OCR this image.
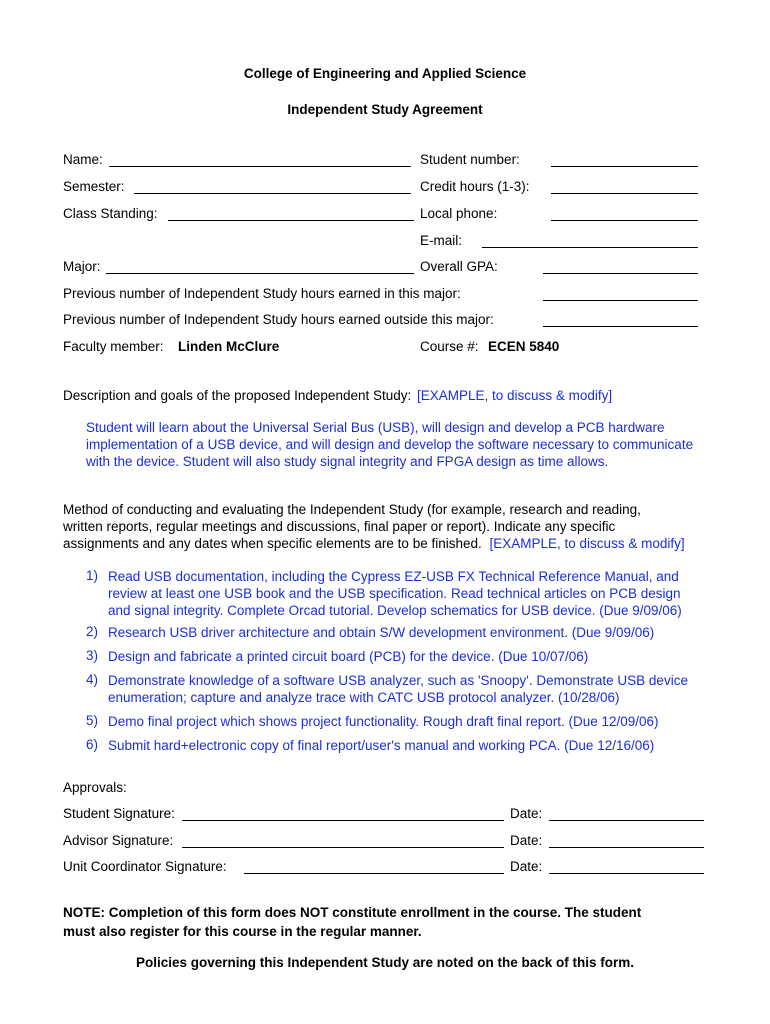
College of Engineering and Applied Science
Independent Study Agreement
Name:	Student number:
Semester:	Credit hours (1-3):
Class Standing:	Local phone:
E-mail:
Major:	Overall GPA:
Previous number of Independent Study hours earned in this major:
Previous number of Independent Study hours earned outside this major:
Faculty member: Linden McClure	Course #: ECEN 5840
Description and goals of the proposed Independent Study: [EXAMPLE, to discuss & modify]
Student will learn about the Universal Serial Bus (USB), will design and develop a PCB hardware
implementation of a USB device, and will design and develop the software necessary to communicate
with the device. Student will also study signal integrity and FPGA design as time allows.
Method of conducting and evaluating the Independent Study (for example, research and reading,
written reports, regular meetings and discussions, final paper or report). Indicate any specific
assignments and any dates when specific elements are to be finished. [EXAMPLE, to discuss & modify]
1) Read USB documentation, including the Cypress EZ-USB FX Technical Reference Manual, and
review at least one USB book and the USB specification. Read technical articles on PCB design
and signal integrity. Complete Orcad tutorial. Develop schematics for USB device. (Due 9/09/06)
2) Research USB driver architecture and obtain S/W development environment. (Due 9/09/06)
3) Design and fabricate a printed circuit board (PCB) for the device. (Due 10/07/06)
4) Demonstrate knowledge of a software USB analyzer, such as 'Snoopy'. Demonstrate USB device
enumeration; capture and analyze trace with CATC USB protocol analyzer. (10/28/06)
5) Demo final project which shows project functionality. Rough draft final report. (Due 12/09/06)
6) Submit hard+electronic copy of final report/user's manual and working PCA. (Due 12/16/06)
Approvals:
Student Signature:	Date:
Advisor Signature:	Date:
Unit Coordinator Signature:	Date:
NOTE: Completion of this form does NOT constitute enrollment in the course. The student
must also register for this course in the regular manner.
Policies governing this Independent Study are noted on the back of this form.
